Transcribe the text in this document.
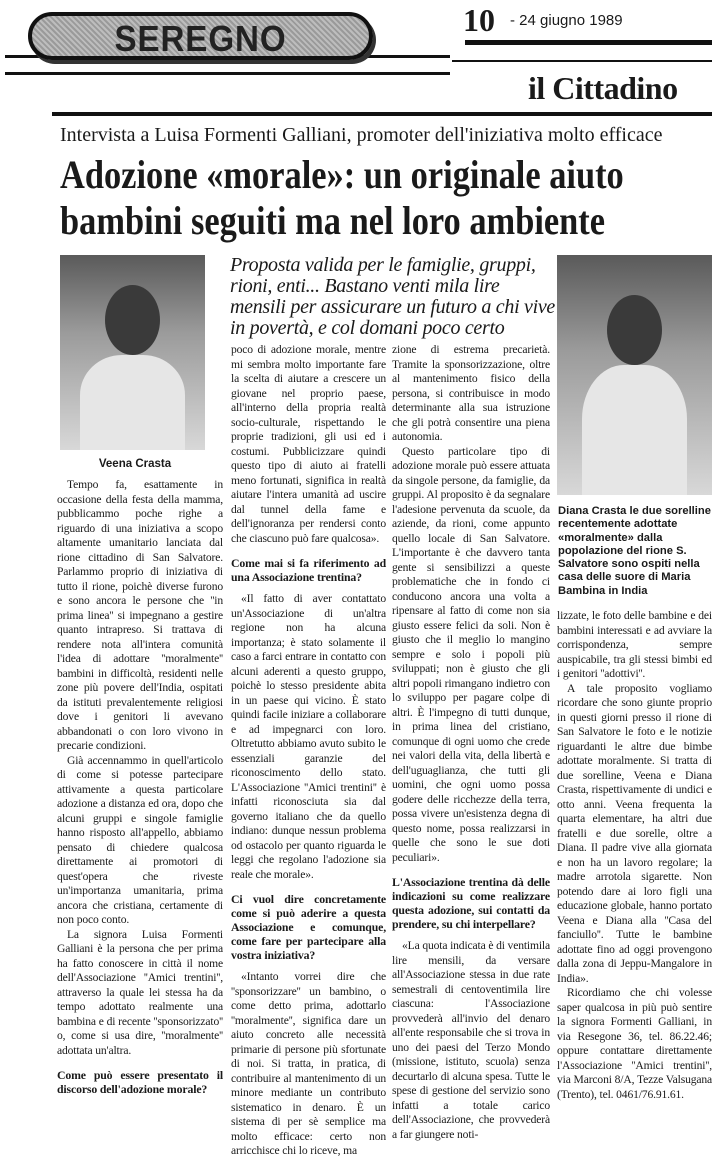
SEREGNO	10 - 24 giugno 1989
il Cittadino
Intervista a Luisa Formenti Galliani, promoter dell'iniziativa molto efficace
Adozione «morale»: un originale aiuto
bambini seguiti ma nel loro ambiente
Proposta valida per le famiglie, gruppi, rioni, enti... Bastano venti mila lire mensili per assicurare un futuro a chi vive in povertà, e col domani poco certo
Veena Crasta
Diana Crasta le due sorelline recentemente adottate «moralmente» dalla popolazione del rione S. Salvatore sono ospiti nella casa delle suore di Maria Bambina in India

Tempo fa, esattamente in occasione della festa della mamma, pubblicammo poche righe a riguardo di una iniziativa a scopo altamente umanitario lanciata dal rione cittadino di San Salvatore. Parlammo proprio di iniziativa di tutto il rione, poichè diverse furono e sono ancora le persone che ''in prima linea'' si impegnano a gestire quanto intrapreso. Si trattava di rendere nota all'intera comunità l'idea di adottare ''moralmente'' bambini in difficoltà, residenti nelle zone più povere dell'India, ospitati da istituti prevalentemente religiosi dove i genitori li avevano abbandonati o con loro vivono in precarie condizioni.

Già accennammo in quell'articolo di come si potesse partecipare attivamente a questa particolare adozione a distanza ed ora, dopo che alcuni gruppi e singole famiglie hanno risposto all'appello, abbiamo pensato di chiedere qualcosa direttamente ai promotori di quest'opera che riveste un'importanza umanitaria, prima ancora che cristiana, certamente di non poco conto.

La signora Luisa Formenti Galliani è la persona che per prima ha fatto conoscere in città il nome dell'Associazione ''Amici trentini'', attraverso la quale lei stessa ha da tempo adottato realmente una bambina e di recente ''sponsorizzato'' o, come si usa dire, ''moralmente'' adottata un'altra.

Come può essere presentato il discorso dell'adozione morale?

poco di adozione morale, mentre mi sembra molto importante fare la scelta di aiutare a crescere un giovane nel proprio paese, all'interno della propria realtà socio-culturale, rispettando le proprie tradizioni, gli usi ed i costumi. Pubblicizzare quindi questo tipo di aiuto ai fratelli meno fortunati, significa in realtà aiutare l'intera umanità ad uscire dal tunnel della fame e dell'ignoranza per rendersi conto che ciascuno può fare qualcosa».

Come mai si fa riferimento ad una Associazione trentina?

«Il fatto di aver contattato un'Associazione di un'altra regione non ha alcuna importanza; è stato solamente il caso a farci entrare in contatto con alcuni aderenti a questo gruppo, poichè lo stesso presidente abita in un paese qui vicino. È stato quindi facile iniziare a collaborare e ad impegnarci con loro. Oltretutto abbiamo avuto subito le essenziali garanzie del riconoscimento dello stato. L'Associazione ''Amici trentini'' è infatti riconosciuta sia dal governo italiano che da quello indiano: dunque nessun problema od ostacolo per quanto riguarda le leggi che regolano l'adozione sia reale che morale».

Ci vuol dire concretamente come si può aderire a questa Associazione e comunque, come fare per partecipare alla vostra iniziativa?

«Intanto vorrei dire che ''sponsorizzare'' un bambino, o come detto prima, adottarlo ''moralmente'', significa dare un aiuto concreto alle necessità primarie di persone più sfortunate di noi. Si tratta, in pratica, di contribuire al mantenimento di un minore mediante un contributo sistematico in denaro. È un sistema di per sè semplice ma molto efficace: certo non arricchisce chi lo riceve, ma

zione di estrema precarietà. Tramite la sponsorizzazione, oltre al mantenimento fisico della persona, si contribuisce in modo determinante alla sua istruzione che gli potrà consentire una piena autonomia.

Questo particolare tipo di adozione morale può essere attuata da singole persone, da famiglie, da gruppi. Al proposito è da segnalare l'adesione pervenuta da scuole, da aziende, da rioni, come appunto quello locale di San Salvatore. L'importante è che davvero tanta gente si sensibilizzi a queste problematiche che in fondo ci conducono ancora una volta a ripensare al fatto di come non sia giusto essere felici da soli. Non è giusto che il meglio lo mangino sempre e solo i popoli più sviluppati; non è giusto che gli altri popoli rimangano indietro con lo sviluppo per pagare colpe di altri. È l'impegno di tutti dunque, in prima linea del cristiano, comunque di ogni uomo che crede nei valori della vita, della libertà e dell'uguaglianza, che tutti gli uomini, che ogni uomo possa godere delle ricchezze della terra, possa vivere un'esistenza degna di questo nome, possa realizzarsi in quelle che sono le sue doti peculiari».

L'Associazione trentina dà delle indicazioni su come realizzare questa adozione, sui contatti da prendere, su chi interpellare?

«La quota indicata è di ventimila lire mensili, da versare all'Associazione stessa in due rate semestrali di centoventimila lire ciascuna: l'Associazione provvederà all'invio del denaro all'ente responsabile che si trova in uno dei paesi del Terzo Mondo (missione, istituto, scuola) senza decurtarlo di alcuna spesa. Tutte le spese di gestione del servizio sono infatti a totale carico dell'Associazione, che provvederà a far giungere noti-

lizzate, le foto delle bambine e dei bambini interessati e ad avviare la corrispondenza, sempre auspicabile, tra gli stessi bimbi ed i genitori ''adottivi''.

A tale proposito vogliamo ricordare che sono giunte proprio in questi giorni presso il rione di San Salvatore le foto e le notizie riguardanti le altre due bimbe adottate moralmente. Si tratta di due sorelline, Veena e Diana Crasta, rispettivamente di undici e otto anni. Veena frequenta la quarta elementare, ha altri due fratelli e due sorelle, oltre a Diana. Il padre vive alla giornata e non ha un lavoro regolare; la madre arrotola sigarette. Non potendo dare ai loro figli una educazione globale, hanno portato Veena e Diana alla ''Casa del fanciullo''. Tutte le bambine adottate fino ad oggi provengono dalla zona di Jeppu-Mangalore in India».

Ricordiamo che chi volesse saper qualcosa in più può sentire la signora Formenti Galliani, in via Resegone 36, tel. 86.22.46; oppure contattare direttamente l'Associazione ''Amici trentini'', via Marconi 8/A, Tezze Valsugana (Trento), tel. 0461/76.91.61.
